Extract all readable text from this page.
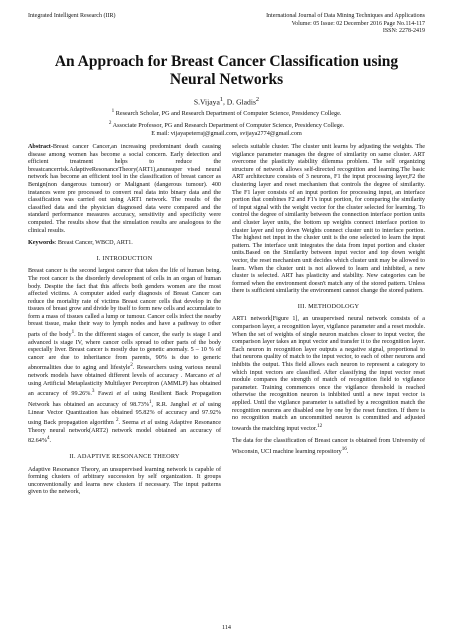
Integrated Intelligent Research (IIR)	International Journal of Data Mining Techniques and Applications
Volume: 05 Issue: 02 December 2016 Page No.114-117
ISSN: 2278-2419
An Approach for Breast Cancer Classification using
Neural Networks
S.Vijaya$^1$, D. Gladis$^2$
$^1$ Research Scholar, PG and Research Department of Computer Science, Presidency College.
$^2$ Associate Professor, PG and Research Department of Computer Science, Presidency College.
E mail: vijayapeterraj@gmail.com, svijaya2774@gmail.com

Abstract-Breast cancer Cancer,an increasing predominant death causing disease among women has become a social concern. Early detection and efficient treatment helps to reduce the breastcancerrisk.AdaptiveResonanceTheory(ART1),anunsuper vised neural network has become an efficient tool in the classification of breast cancer as Benign(non dangerous tumour) or Malignant (dangerous tumour). 400 instances were pre processed to convert real data into binary data and the classification was carried out using ART1 network. The results of the classified data and the physician diagnosed data were compared and the standard performance measures accuracy, sensitivity and specificity were computed. The results show that the simulation results are analogous to the clinical results.

Keywords: Breast Cancer, WBCD, ART1.

I. INTRODUCTION

Breast cancer is the second largest cancer that takes the life of human being. The root cancer is the disorderly development of cells in an organ of human body. Despite the fact that this affects both genders women are the most affected victims. A computer aided early diagnosis of Breast Cancer can reduce the mortality rate of victims Breast cancer cells that develop in the tissues of breast grow and divide by itself to form new cells and accumulate to form a mass of tissues called a lump or tumour. Cancer cells infect the nearby breast tissue, make their way to lymph nodes and have a pathway to other parts of the body$^1$. In the different stages of cancer, the early is stage I and advanced is stage IV, where cancer cells spread to other parts of the body especially liver. Breast cancer is mostly due to genetic anomaly. 5 – 10 % of cancer are due to inheritance from parents, 90% is due to generic abnormalities due to aging and lifestyle$^2$. Researchers using various neural network models have obtained different levels of accuracy . Marcano et al using Artificial Metaplasticity Multilayer Perceptron (AMMLP) has obtained an accuracy of 99.26%.$^3$ Fawzi et al using Resilient Back Propagation Network has obtained an accuracy of 98.73%$^1$, R.R. Janghel et al using Linear Vector Quantization has obtained 95.82% of accuracy and 97.92% using Back propagation algorithm $^2$. Seema et al using Adaptive Resonance Theory neural network(ART2) network model obtained an accuracy of 82.64%$^4$.

II. ADAPTIVE RESONANCE THEORY

Adaptive Resonance Theory, an unsupervised learning network is capable of forming clusters of arbitrary succession by self organization. It groups unconventionally and learns new clusters if necessary. The input patterns given to the network,

selects suitable cluster. The cluster unit learns by adjusting the weights. The vigilance parameter manages the degree of similarity on same cluster. ART overcome the plasticity stability dilemma problem. The self organizing structure of network allows self-directed recognition and learning.The basic ART architecture consists of 3 neurons, F1 the input processing layer,F2 the clustering layer and reset mechanism that controls the degree of similarity. The F1 layer consists of an input portion for processing input, an interface portion that combines F2 and F1's input portion, for comparing the similarity of input signal with the weight vector for the cluster selected for learning. To control the degree of similarity between the connection interface portion units and cluster layer units, the bottom up weights connect interface portion to cluster layer and top down Weights connect cluster unit to interface portion. The highest net input in the cluster unit is the one selected to learn the input pattern. The interface unit integrates the data from input portion and cluster units.Based on the Similarity between input vector and top down weight vector, the reset mechanism unit decides which cluster unit may be allowed to learn. When the cluster unit is not allowed to learn and inhibited, a new cluster is selected. ART has plasticity and stability. New categories can be formed when the environment doesn't match any of the stored pattern. Unless there is sufficient similarity the environment cannot change the stored pattern.

III. METHODOLOGY

ART1 network[Figure 1], an unsupervised neural network consists of a comparison layer, a recognition layer, vigilance parameter and a reset module. When the set of weights of single neuron matches closer to input vector, the comparison layer takes an input vector and transfer it to the recognition layer. Each neuron in recognition layer outputs a negative signal, proportional to that neurons quality of match to the input vector, to each of other neurons and inhibits the output. This field allows each neuron to represent a category to which input vectors are classified. After classifying the input vector reset module compares the strength of match of recognition field to vigilance parameter. Training commences once the vigilance threshold is reached otherwise the recognition neuron is inhibited until a new input vector is applied. Until the vigilance parameter is satisfied by a recognition match the recognition neurons are disabled one by one by the reset function. If there is no recognition match an uncommitted neuron is committed and adjusted towards the matching input vector.$^{12}$

The data for the classification of Breast cancer is obtained from University of Wisconsin, UCI machine learning repository$^{16}$.

114
